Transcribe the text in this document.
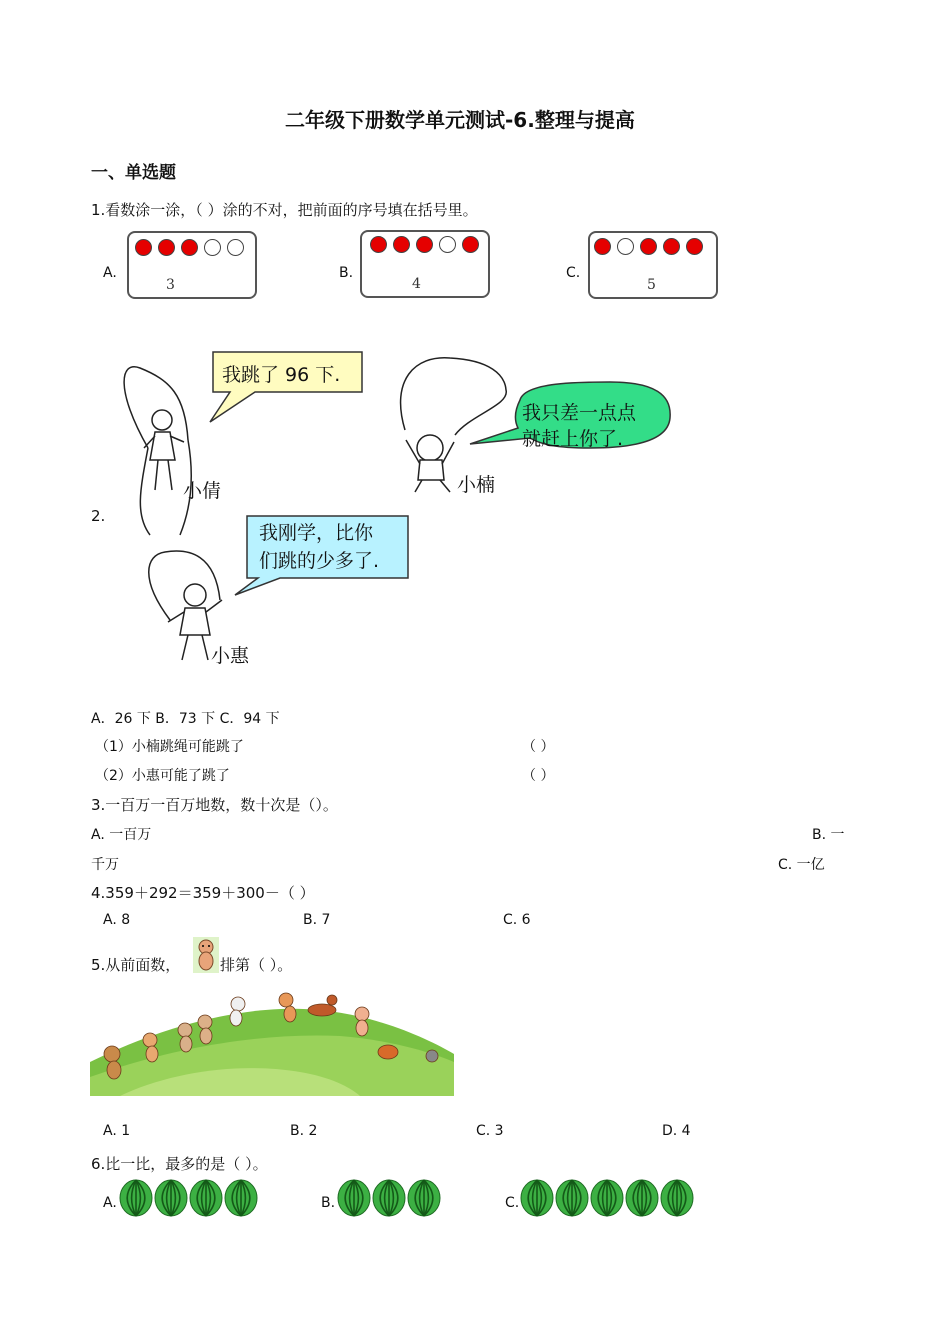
二年级下册数学单元测试-6.整理与提高
一、单选题
1.看数涂一涂，（ ）涂的不对，把前面的序号填在括号里。
A.
3
B.
4
C.
5
我跳了 96 下.
我只差一点点
就赶上你了.
我刚学，比你
们跳的少多了.
小倩	小楠
小惠
2.
A．26 下 B．73 下 C．94 下
（1）小楠跳绳可能跳了	（ ）
（2）小惠可能了跳了	（ ）
3.一百万一百万地数，数十次是（）。
A. 一百万	B. 一
千万	C. 一亿
4.359＋292＝359＋300－（ ）
A. 8	B. 7	C. 6
5.从前面数，	排第（ ）。
A. 1	B. 2	C. 3	D. 4
6.比一比，最多的是（ ）。
A.	B.	C.
